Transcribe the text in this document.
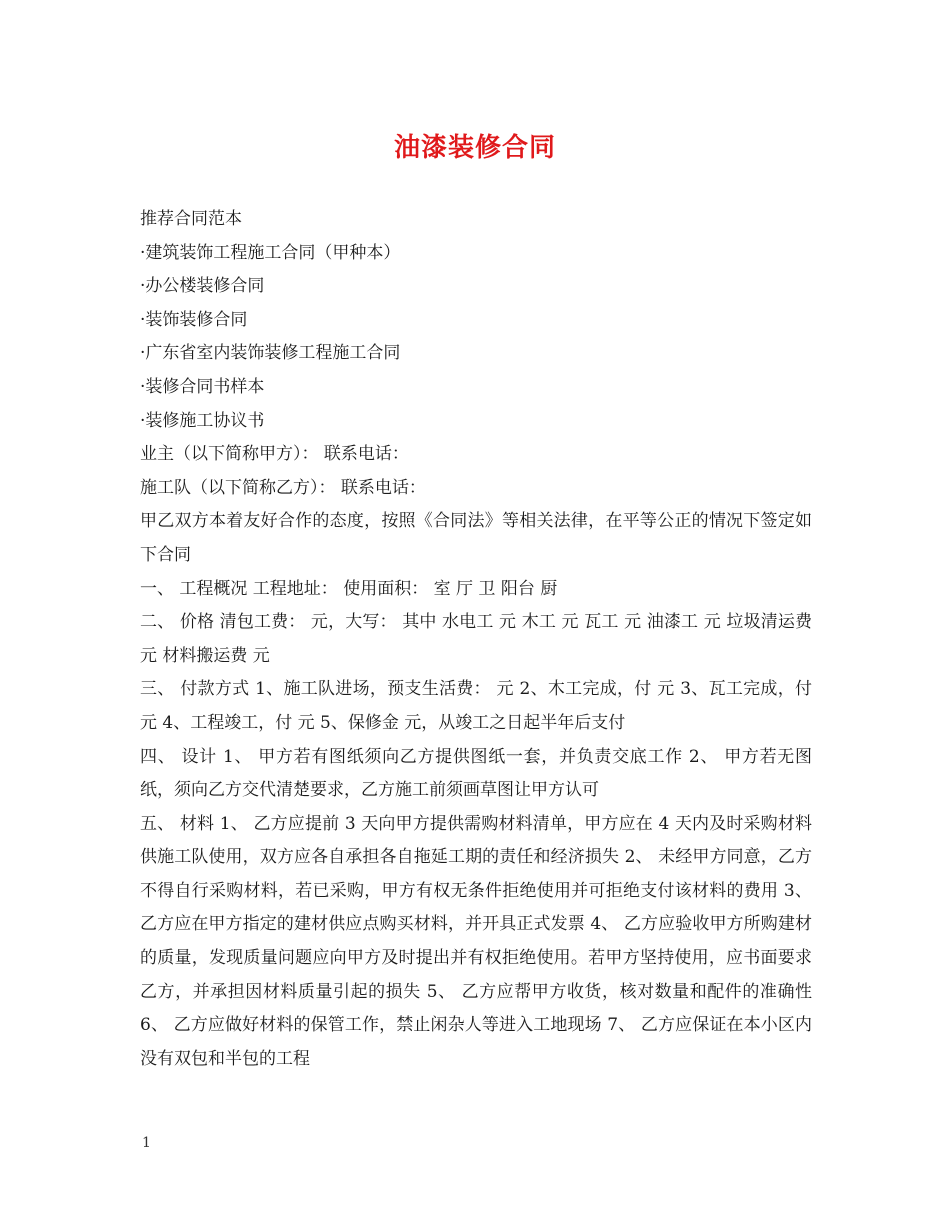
油漆装修合同
推荐合同范本
·建筑装饰工程施工合同（甲种本）
·办公楼装修合同
·装饰装修合同
·广东省室内装饰装修工程施工合同
·装修合同书样本
·装修施工协议书
业主（以下简称甲方）： 联系电话：
施工队（以下简称乙方）： 联系电话：
甲乙双方本着友好合作的态度，按照《合同法》等相关法律，在平等公正的情况下签定如下合同
一、 工程概况 工程地址： 使用面积： 室 厅 卫 阳台 厨
二、 价格 清包工费： 元，大写： 其中 水电工 元 木工 元 瓦工 元 油漆工 元 垃圾清运费 元 材料搬运费 元
三、 付款方式 1、施工队进场，预支生活费： 元 2、木工完成，付 元 3、瓦工完成，付 元 4、工程竣工，付 元 5、保修金 元，从竣工之日起半年后支付
四、 设计 1、 甲方若有图纸须向乙方提供图纸一套，并负责交底工作 2、 甲方若无图纸，须向乙方交代清楚要求，乙方施工前须画草图让甲方认可
五、 材料 1、 乙方应提前 3 天向甲方提供需购材料清单，甲方应在 4 天内及时采购材料供施工队使用，双方应各自承担各自拖延工期的责任和经济损失 2、 未经甲方同意，乙方不得自行采购材料，若已采购，甲方有权无条件拒绝使用并可拒绝支付该材料的费用 3、 乙方应在甲方指定的建材供应点购买材料，并开具正式发票 4、 乙方应验收甲方所购建材的质量，发现质量问题应向甲方及时提出并有权拒绝使用。若甲方坚持使用，应书面要求乙方，并承担因材料质量引起的损失 5、 乙方应帮甲方收货，核对数量和配件的准确性 6、 乙方应做好材料的保管工作，禁止闲杂人等进入工地现场 7、 乙方应保证在本小区内没有双包和半包的工程
1
